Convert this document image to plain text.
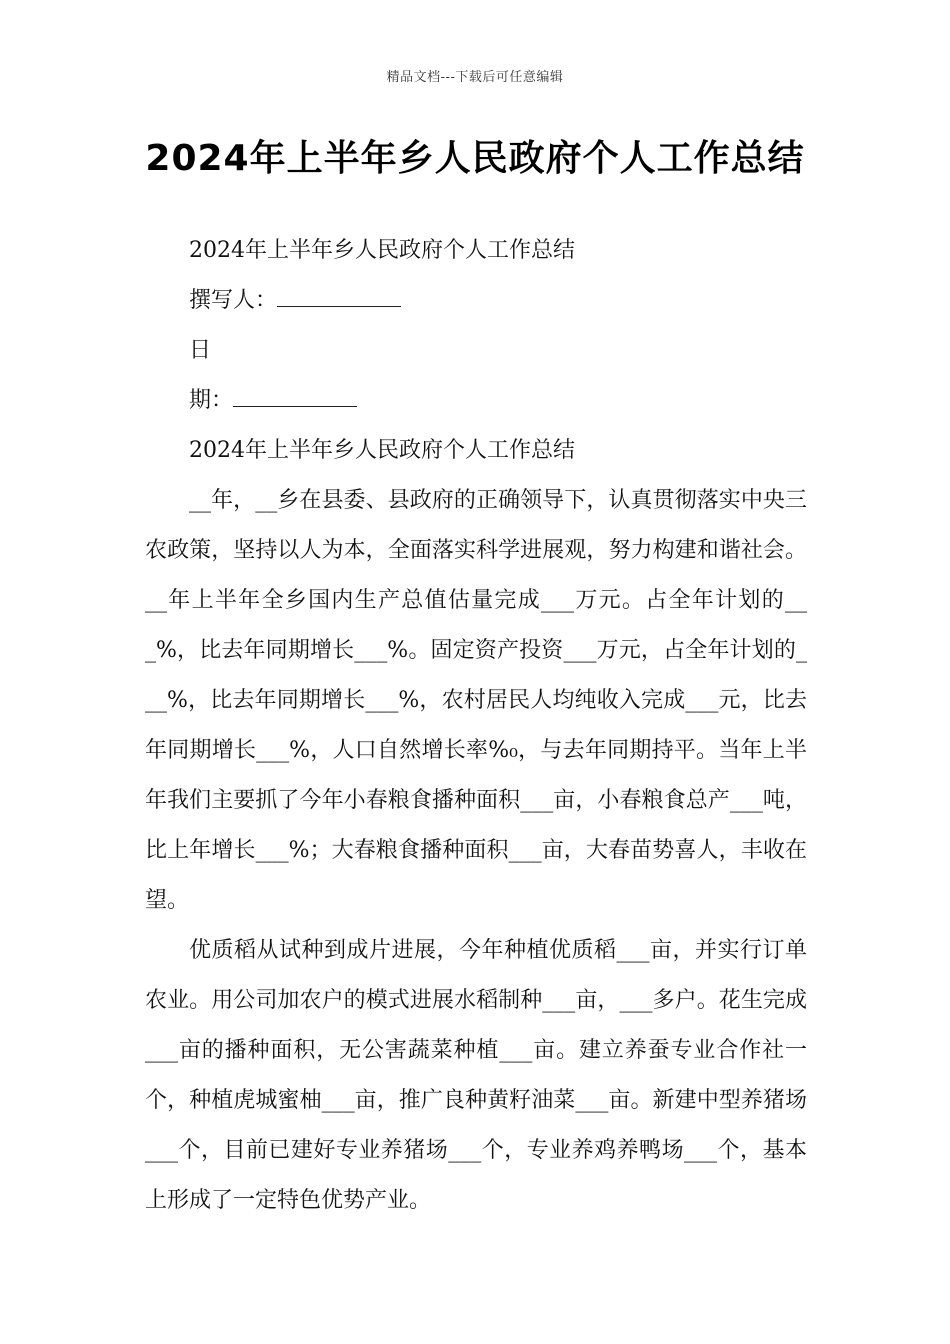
精品文档---下载后可任意编辑
2024年上半年乡人民政府个人工作总结
2024年上半年乡人民政府个人工作总结
撰写人：
日
期：
2024年上半年乡人民政府个人工作总结

__年，__乡在县委、县政府的正确领导下，认真贯彻落实中央三农政策，坚持以人为本，全面落实科学进展观，努力构建和谐社会。__年上半年全乡国内生产总值估量完成___万元。占全年计划的___%，比去年同期增长___%。固定资产投资___万元，占全年计划的___%，比去年同期增长___%，农村居民人均纯收入完成___元，比去年同期增长___%，人口自然增长率%₀，与去年同期持平。当年上半年我们主要抓了今年小春粮食播种面积___亩，小春粮食总产___吨，比上年增长___%；大春粮食播种面积___亩，大春苗势喜人，丰收在望。

优质稻从试种到成片进展，今年种植优质稻___亩，并实行订单农业。用公司加农户的模式进展水稻制种___亩，___多户。花生完成___亩的播种面积，无公害蔬菜种植___亩。建立养蚕专业合作社一个，种植虎城蜜柚___亩，推广良种黄籽油菜___亩。新建中型养猪场___个，目前已建好专业养猪场___个，专业养鸡养鸭场___个，基本上形成了一定特色优势产业。
